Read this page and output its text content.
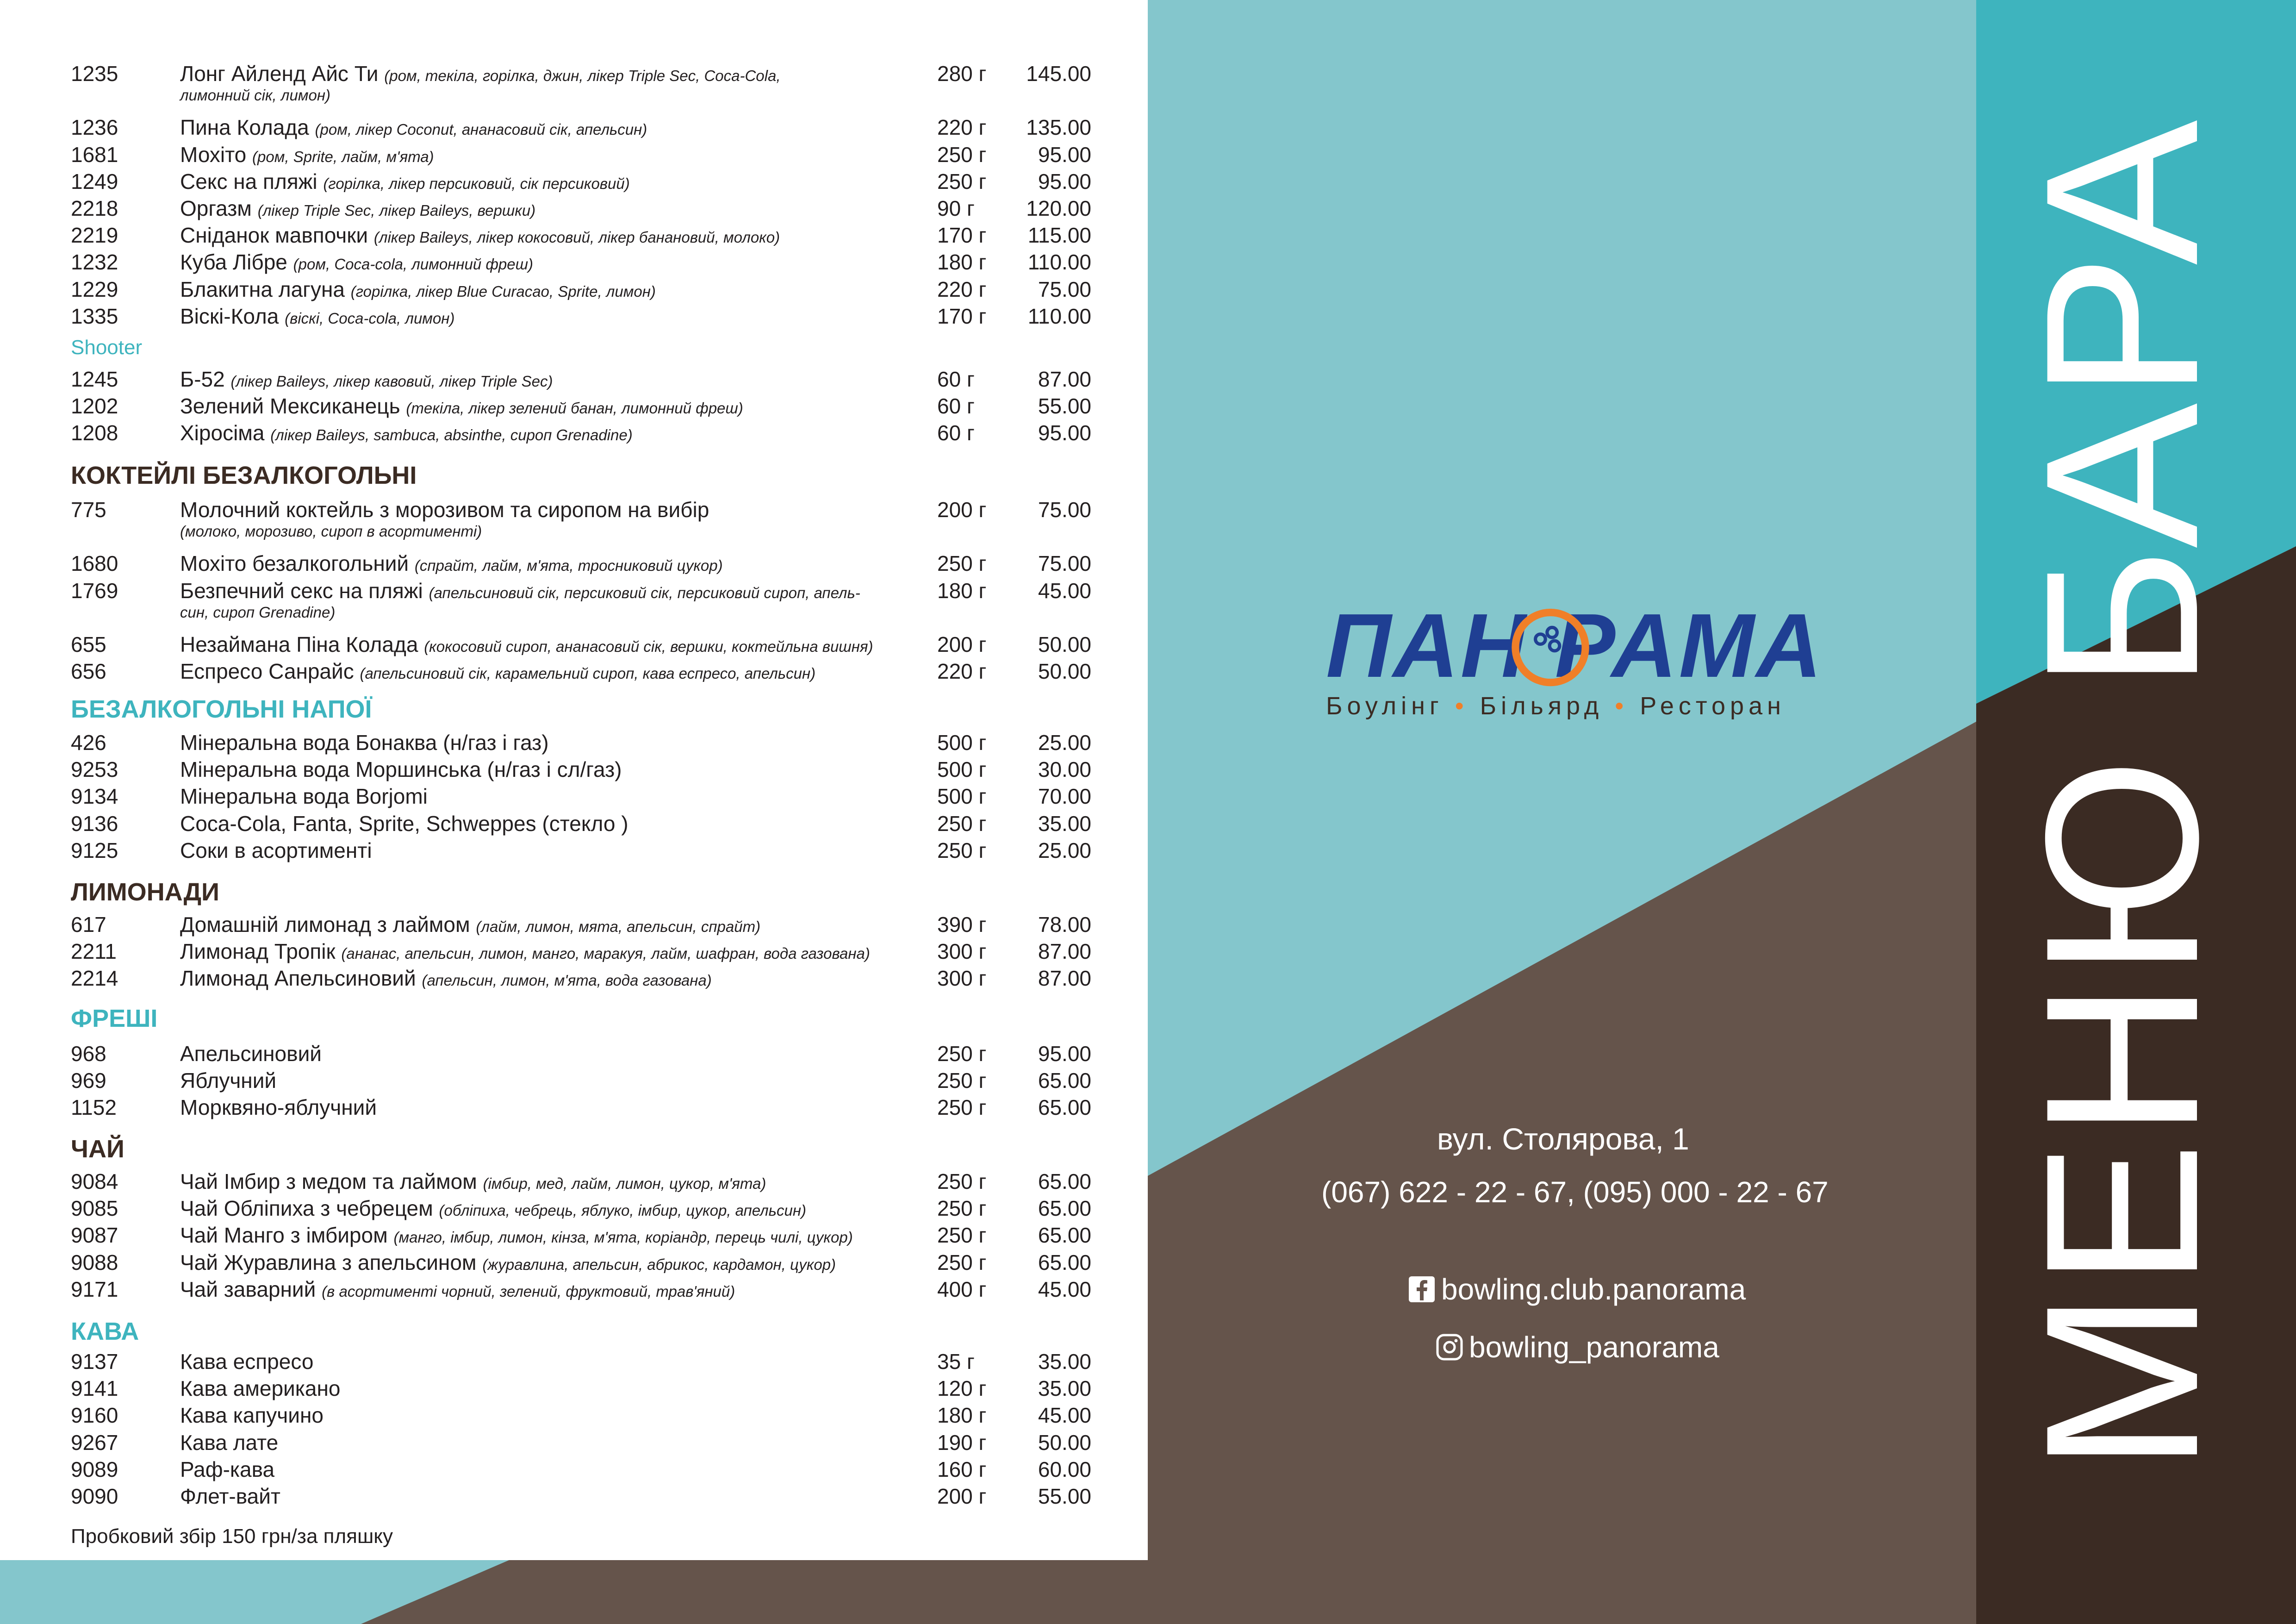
1235	Лонг Айленд Айс Ти (ром, текіла, горілка, джин, лікер Triple Sec, Coca-Cola,	280 г 145.00
лимонний сік, лимон)
1236	Пина Колада (ром, лікер Coconut, ананасовий сік, апельсин)	220 г 135.00
1681	Мохіто (ром, Sprite, лайм, м'ята)	250 г 95.00
1249	Секс на пляжі (горілка, лікер персиковий, сік персиковий)	250 г 95.00
2218	Оргазм (лікер Triple Sec, лікер Baileys, вершки)	90 г 120.00
2219	Сніданок мавпочки (лікер Baileys, лікер кокосовий, лікер банановий, молоко)	170 г 115.00
1232	Куба Лібре (ром, Coca-cola, лимонний фреш)	180 г 110.00
1229	Блакитна лагуна (горілка, лікер Blue Curacao, Sprite, лимон)	220 г 75.00
1335	Віскі-Кола (віскі, Coca-cola, лимон)	170 г 110.00
Shooter
1245	Б-52 (лікер Baileys, лікер кавовий, лікер Triple Sec)	60 г	87.00
1202	Зелений Мексиканець (текіла, лікер зелений банан, лимонний фреш)	60 г	55.00
1208	Хіросіма (лікер Baileys, sambuca, absinthe, сироп Grenadine)	60 г	95.00
КОКТЕЙЛІ БЕЗАЛКОГОЛЬНІ
775	Молочний коктейль з морозивом та сиропом на вибір	200 г 75.00
(молоко, морозиво, сироп в асортименті)
1680	Мохіто безалкогольний (спрайт, лайм, м'ята, тросниковий цукор)	250 г 75.00
1769	Безпечний секс на пляжі (апельсиновий сік, персиковий сік, персиковий сироп, апель-	180 г 45.00
син, сироп Grenadine)
655	Незаймана Піна Колада (кокосовий сироп, ананасовий сік, вершки, коктейльна вишня)	200 г 50.00
656	Еспресо Санрайс (апельсиновий сік, карамельний сироп, кава еспресо, апельсин)	220 г 50.00
БЕЗАЛКОГОЛЬНІ НАПОЇ
426	Мінеральна вода Бонаква (н/газ і газ)	500 г 25.00
9253	Мінеральна вода Моршинська (н/газ і сл/газ)	500 г 30.00
9134	Мінеральна вода Borjomi	500 г 70.00
9136	Coca-Cola, Fanta, Sprite, Schweppes (стекло )	250 г 35.00
9125	Соки в асортименті	250 г 25.00
ЛИМОНАДИ
617	Домашній лимонад з лаймом (лайм, лимон, мята, апельсин, спрайт)	390 г 78.00
2211	Лимонад Тропік (ананас, апельсин, лимон, манго, маракуя, лайм, шафран, вода газована)	300 г 87.00
2214	Лимонад Апельсиновий (апельсин, лимон, м'ята, вода газована)	300 г 87.00
ФРЕШІ
968	Апельсиновий	250 г 95.00
969	Яблучний	250 г 65.00
1152	Морквяно-яблучний	250 г 65.00
ЧАЙ
9084	Чай Імбир з медом та лаймом (імбир, мед, лайм, лимон, цукор, м'ята)	250 г 65.00
9085	Чай Обліпиха з чебрецем (обліпиха, чебрець, яблуко, імбир, цукор, апельсин)	250 г 65.00
9087	Чай Манго з імбиром (манго, імбир, лимон, кінза, м'ята, коріандр, перець чилі, цукор)	250 г 65.00
9088	Чай Журавлина з апельсином (журавлина, апельсин, абрикос, кардамон, цукор)	250 г 65.00
9171	Чай заварний (в асортименті чорний, зелений, фруктовий, трав'яний)	400 г 45.00
КАВА
9137	Кава еспресо	35 г	35.00
9141	Кава американо	120 г 35.00
9160	Кава капучино	180 г 45.00
9267	Кава лате	190 г 50.00
9089	Раф-кава	160 г 60.00
9090	Флет-вайт	200 г 55.00
Пробковий збір 150 грн/за пляшку
ПАН РАМА
Боулінг • Більярд • Ресторан
вул. Столярова, 1
(067) 622 - 22 - 67, (095) 000 - 22 - 67
bowling.club.panorama
bowling_panorama МЕНЮ БАРА
